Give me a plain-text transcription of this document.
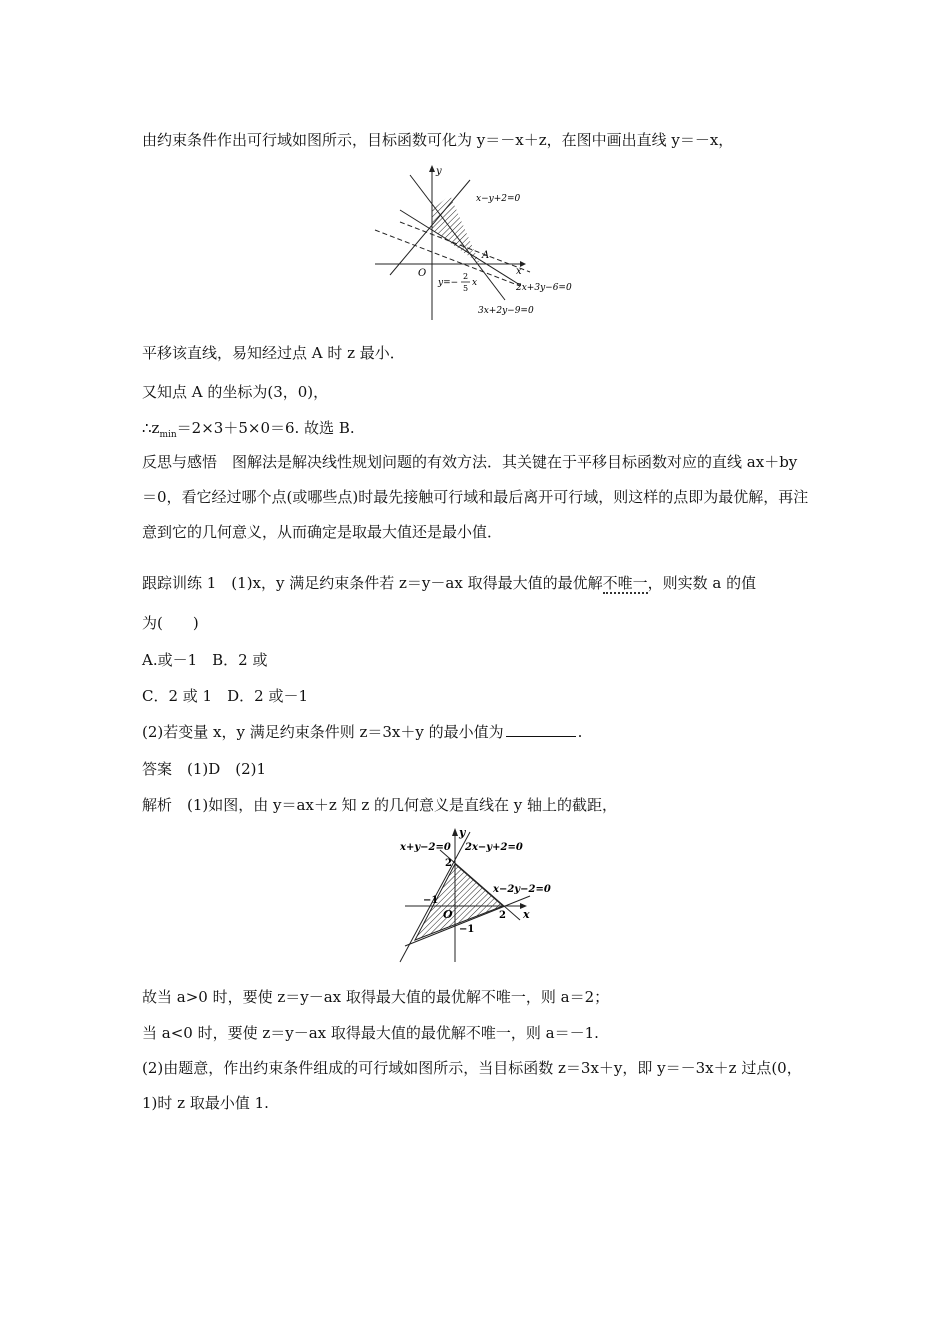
由约束条件作出可行域如图所示，目标函数可化为 y＝－x＋z，在图中画出直线 y＝－x，
y
x
O
A
x−y+2=0
2x+3y−6=0
3x+2y−9=0
y=−
2
5
x
平移该直线，易知经过点 A 时 z 最小．
又知点 A 的坐标为(3，0)，
$\therefore z_{min}=2\times 3+5\times 0=6$. 故选 B.
反思与感悟　 图解法是解决线性规划问题的有效方法．其关键在于平移目标函数对应的直线 ax＋by＝0，看它经过哪个点(或哪些点)时最先接触可行域和最后离开可行域，则这样的点即为最优解，再注意到它的几何意义，从而确定是取最大值还是最小值．
跟踪训练 1　(1)x，y 满足约束条件若 z＝y－ax 取得最大值的最优解不唯一，则实数 a 的值
为(　　)
A.或－1　B．2 或
C．2 或 1　D．2 或－1
(2)若变量 x，y 满足约束条件则 z＝3x＋y 的最小值为	.
答案　(1)D　(2)1
解析　(1)如图，由 y＝ax＋z 知 z 的几何意义是直线在 y 轴上的截距，
y
x
O
x+y−2=0 2x−y+2=0
x−2y−2=0
2
−1
2
−1
故当 a>0 时，要使 z＝y－ax 取得最大值的最优解不唯一，则 a＝2；
当 a<0 时，要使 z＝y－ax 取得最大值的最优解不唯一，则 a＝－1.
(2)由题意，作出约束条件组成的可行域如图所示，当目标函数 z＝3x＋y，即 y＝－3x＋z 过点(0，1)时 z 取最小值 1.
